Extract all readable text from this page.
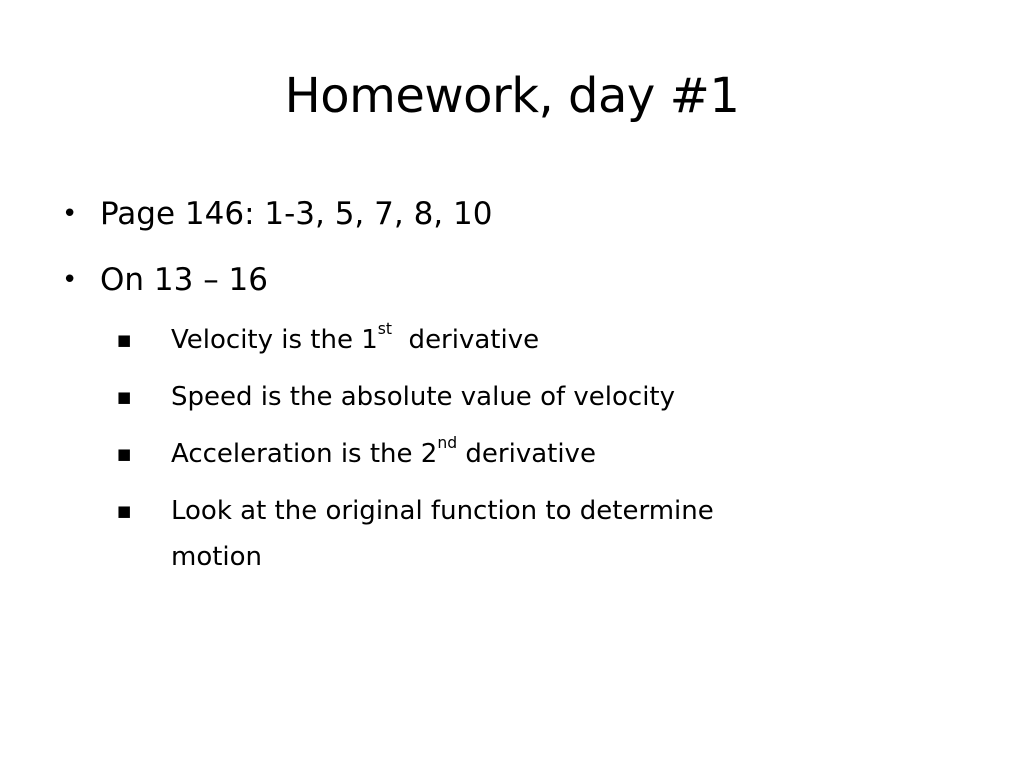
Homework, day #1
• Page 146: 1-3, 5, 7, 8, 10
• On 13 – 16
■ Velocity is the 1st  derivative
■ Speed is the absolute value of velocity
■ Acceleration is the 2nd derivative
■ Look at the original function to determine
motion
